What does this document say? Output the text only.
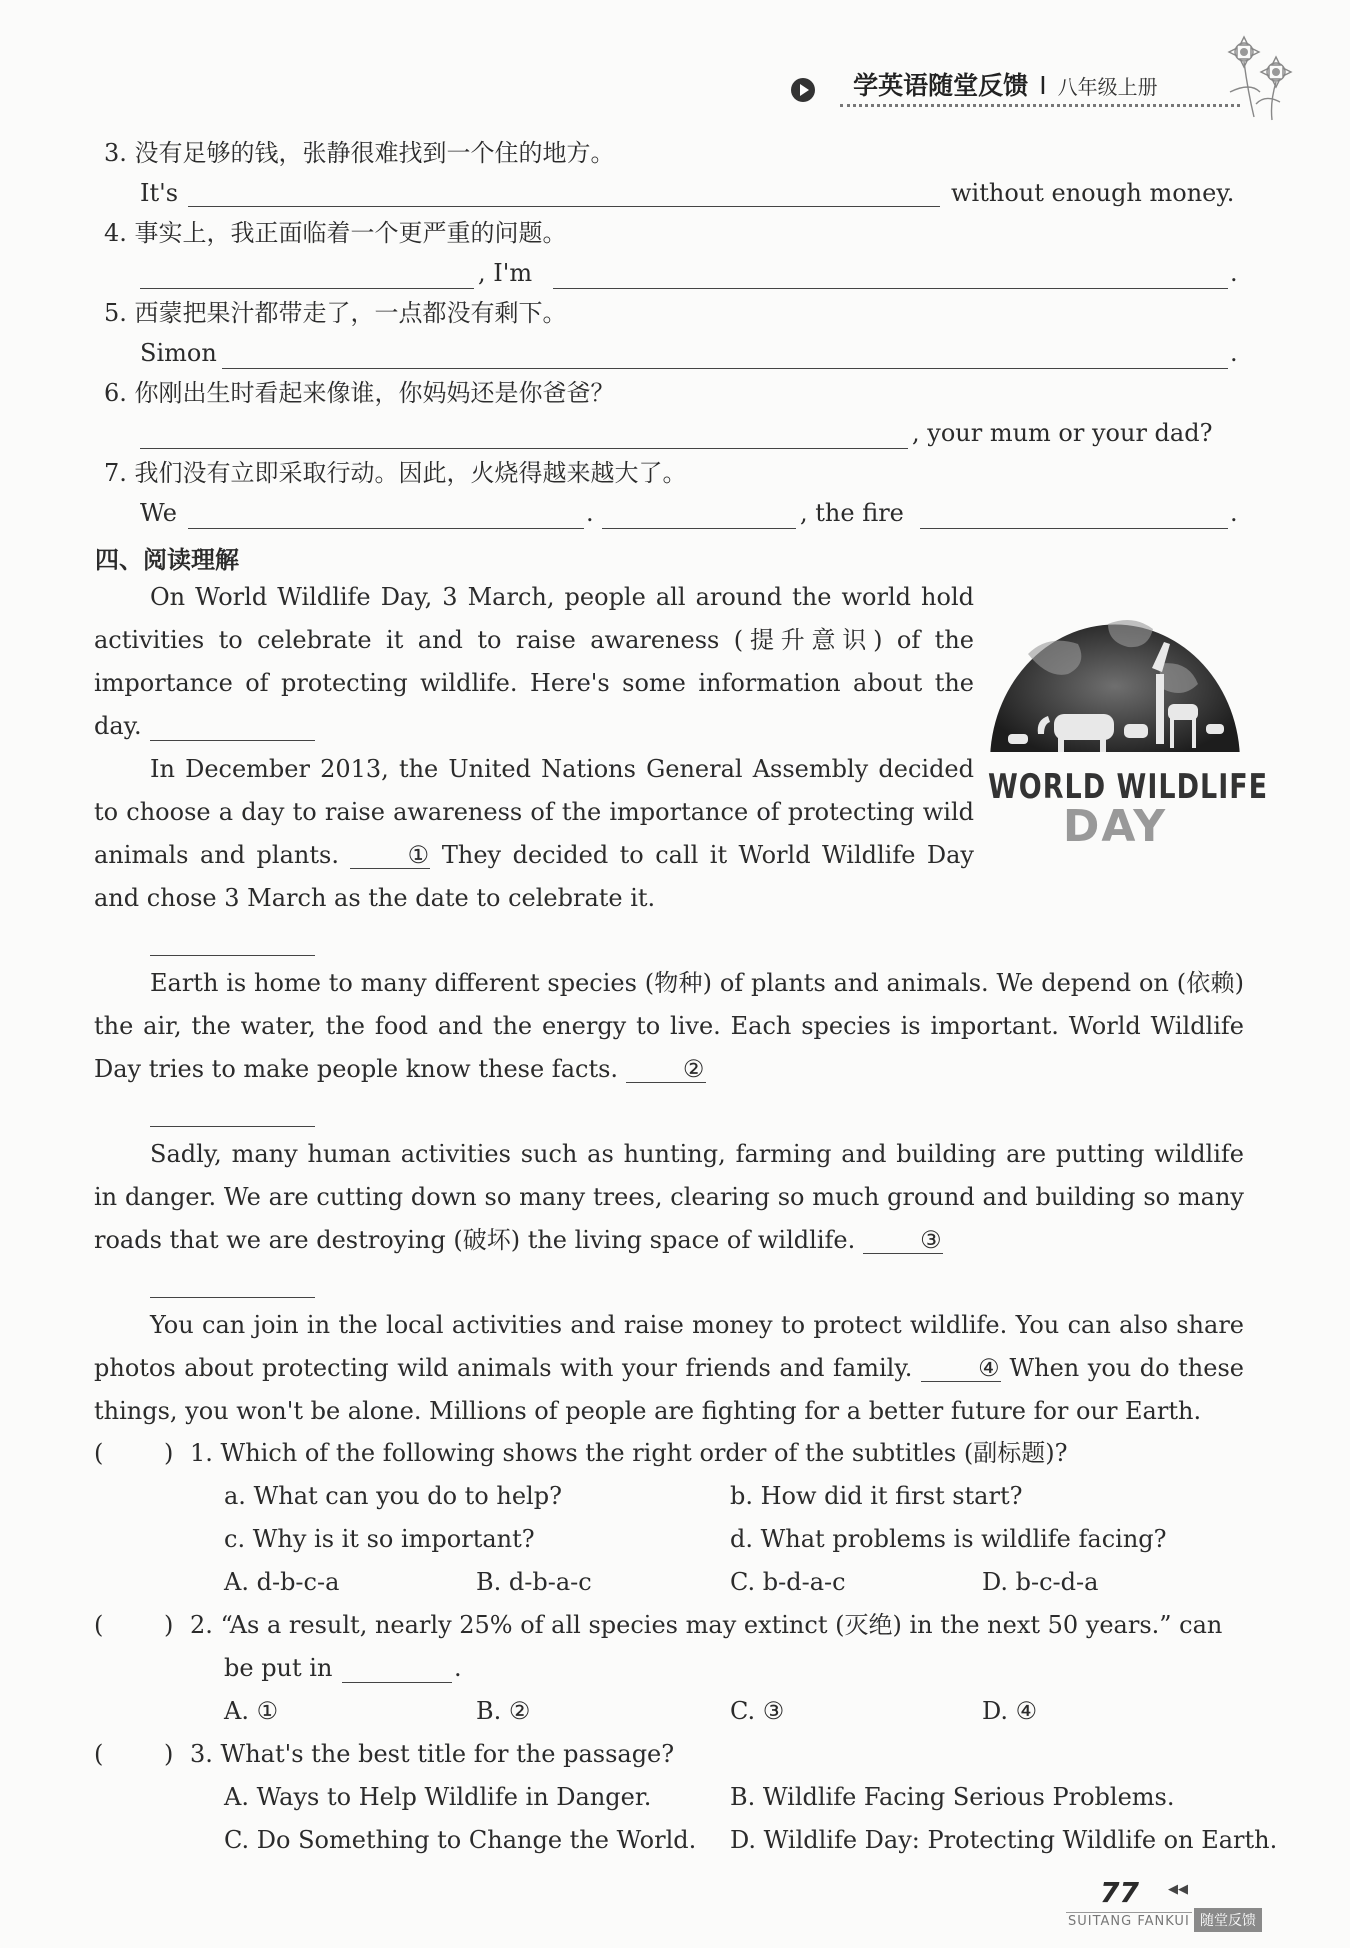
学英语随堂反馈 I 八年级上册
3. 没有足够的钱，张静很难找到一个住的地方。
It's	without enough money.
4. 事实上，我正面临着一个更严重的问题。
, I'm	.
5. 西蒙把果汁都带走了，一点都没有剩下。
Simon	.
6. 你刚出生时看起来像谁，你妈妈还是你爸爸？
, your mum or your dad?
7. 我们没有立即采取行动。因此，火烧得越来越大了。
We	.	, the fire	.
四、阅读理解
On World Wildlife Day, 3 March, people all around the world hold activities to celebrate it and to raise awareness (提升意识) of the importance of protecting wildlife. Here's some information about the day.
WORLD WILDLIFE
DAY
In December 2013, the United Nations General Assembly decided to choose a day to raise awareness of the importance of protecting wild animals and plants.	① They decided to call it World Wildlife Day and chose 3 March as the date to celebrate it.
Earth is home to many different species (物种) of plants and animals. We depend on (依赖) the air, the water, the food and the energy to live. Each species is important. World Wildlife Day tries to make people know these facts.	②
Sadly, many human activities such as hunting, farming and building are putting wildlife in danger. We are cutting down so many trees, clearing so much ground and building so many roads that we are destroying (破坏) the living space of wildlife.	③
You can join in the local activities and raise money to protect wildlife. You can also share photos about protecting wild animals with your friends and family.	④ When you do these things, you won't be alone. Millions of people are fighting for a better future for our Earth.
(	) 1. Which of the following shows the right order of the subtitles (副标题)?
a. What can you do to help?	b. How did it first start?
c. Why is it so important?	d. What problems is wildlife facing?
A. d-b-c-a	B. d-b-a-c	C. b-d-a-c	D. b-c-d-a
(	) 2. “As a result, nearly 25% of all species may extinct (灭绝) in the next 50 years.” can
be put in	.
A. ①	B. ②	C. ③	D. ④
(	) 3. What's the best title for the passage?
A. Ways to Help Wildlife in Danger.	B. Wildlife Facing Serious Problems.
C. Do Something to Change the World. D. Wildlife Day: Protecting Wildlife on Earth.
77 ◀◀
SUITANG FANKUI 随堂反馈
